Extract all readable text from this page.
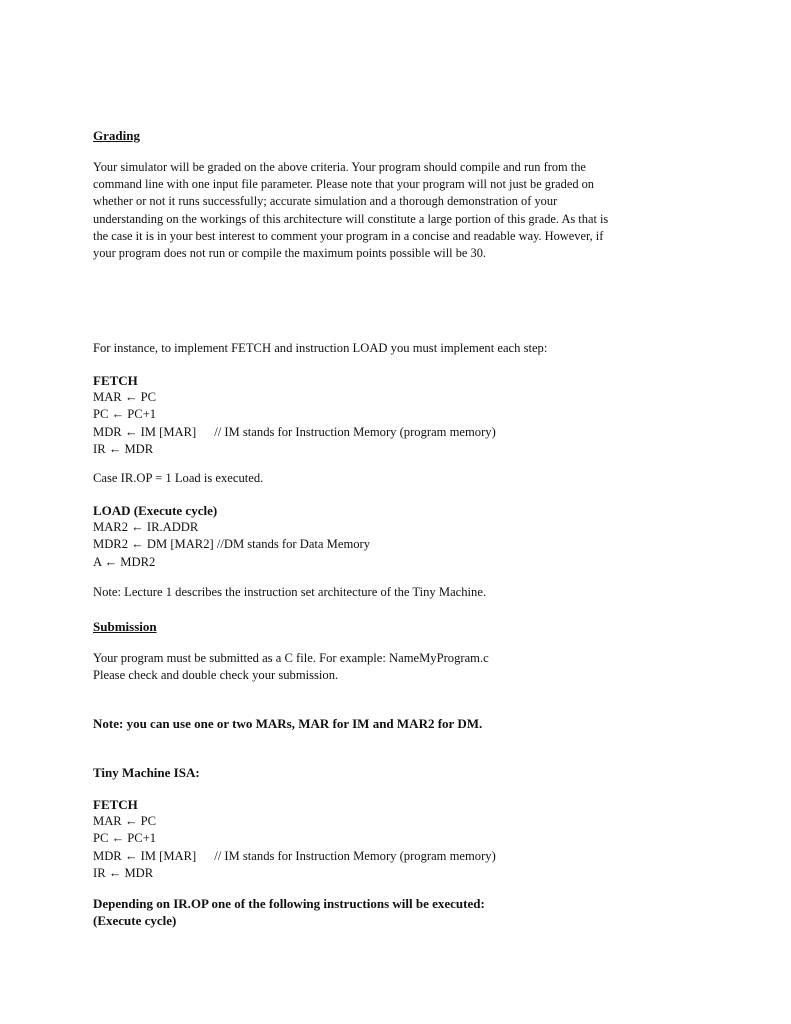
Grading
Your simulator will be graded on the above criteria. Your program should compile and run from the
command line with one input file parameter. Please note that your program will not just be graded on
whether or not it runs successfully; accurate simulation and a thorough demonstration of your
understanding on the workings of this architecture will constitute a large portion of this grade. As that is
the case it is in your best interest to comment your program in a concise and readable way. However, if
your program does not run or compile the maximum points possible will be 30.
For instance, to implement FETCH and instruction LOAD you must implement each step:
FETCH
MAR ← PC
PC ← PC+1
MDR ← IM [MAR] // IM stands for Instruction Memory (program memory)
IR ← MDR
Case IR.OP = 1 Load is executed.
LOAD (Execute cycle)
MAR2 ← IR.ADDR
MDR2 ← DM [MAR2] //DM stands for Data Memory
A ← MDR2
Note: Lecture 1 describes the instruction set architecture of the Tiny Machine.
Submission
Your program must be submitted as a C file. For example: NameMyProgram.c
Please check and double check your submission.
Note: you can use one or two MARs, MAR for IM and MAR2 for DM.
Tiny Machine ISA:
FETCH
MAR ← PC
PC ← PC+1
MDR ← IM [MAR] // IM stands for Instruction Memory (program memory)
IR ← MDR
Depending on IR.OP one of the following instructions will be executed:
(Execute cycle)
